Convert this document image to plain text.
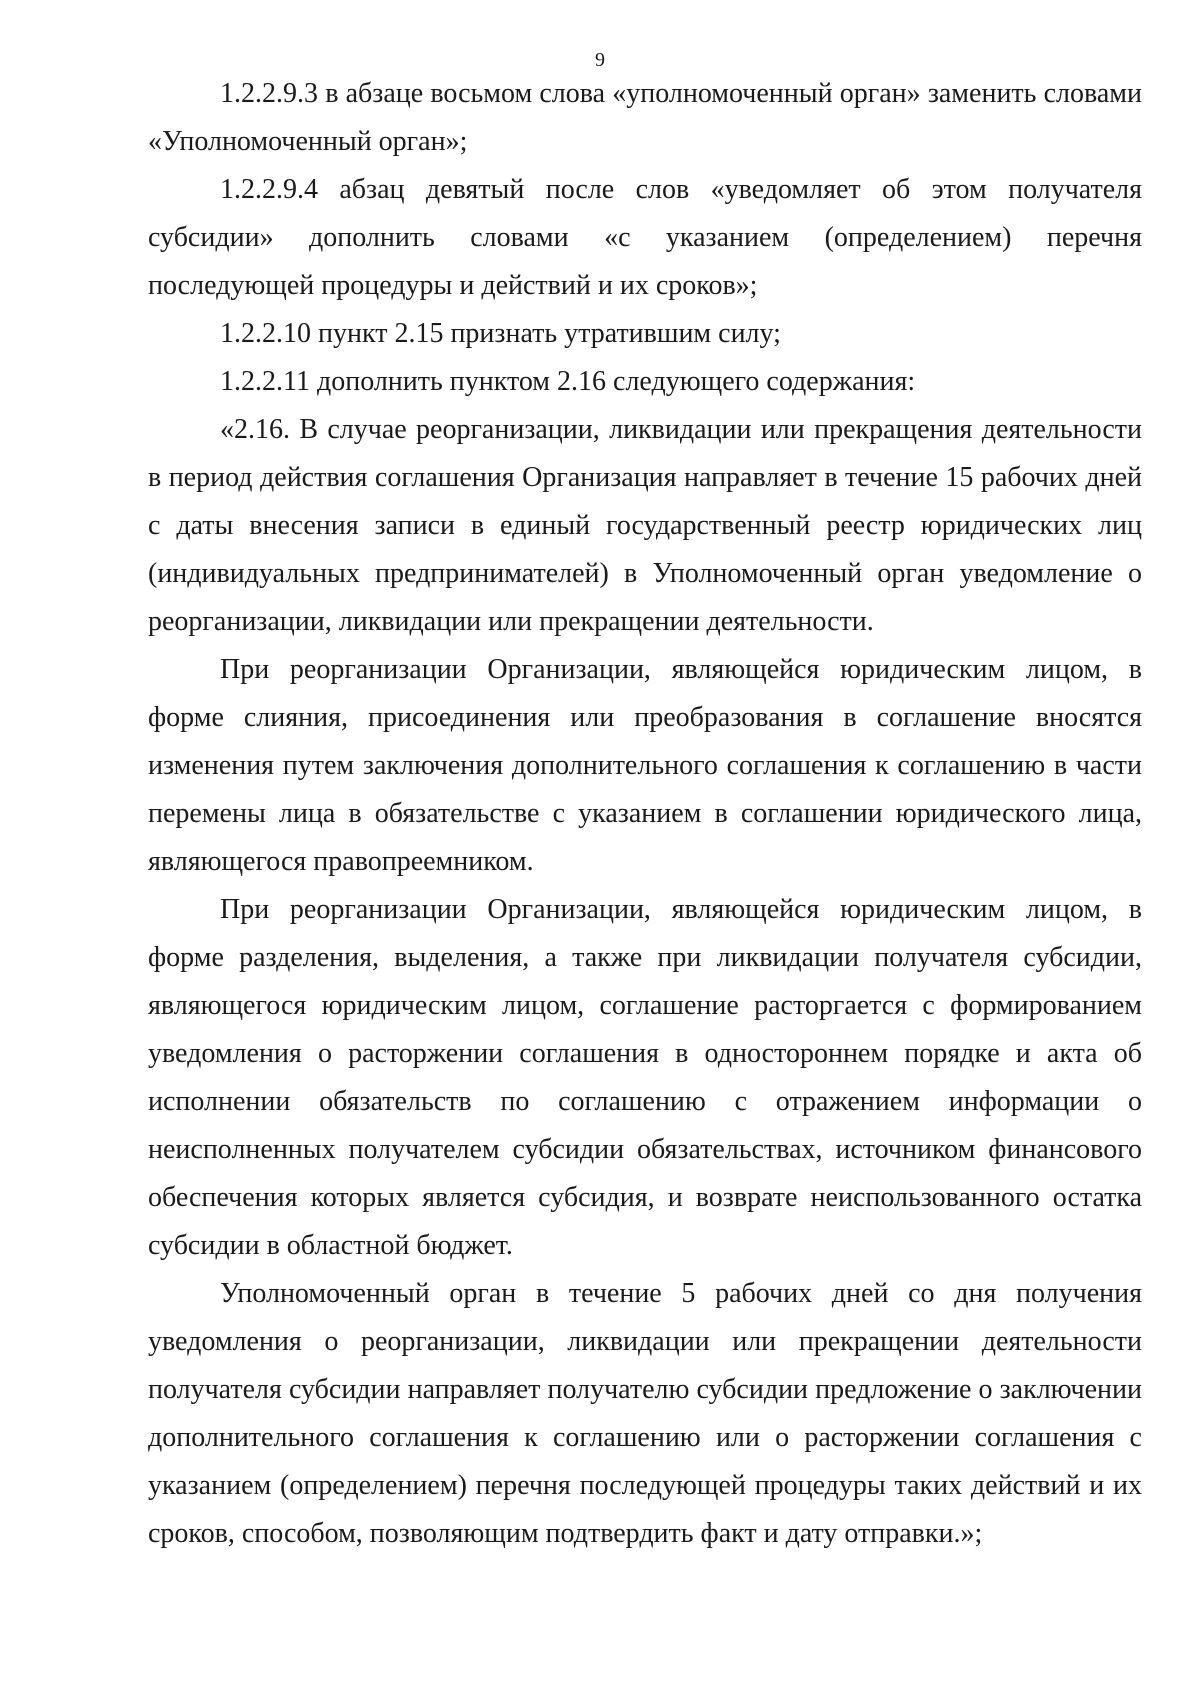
9

1.2.2.9.3 в абзаце восьмом слова «уполномоченный орган» заменить словами «Уполномоченный орган»;

1.2.2.9.4 абзац девятый после слов «уведомляет об этом получателя субсидии» дополнить словами «с указанием (определением) перечня последующей процедуры и действий и их сроков»;

1.2.2.10 пункт 2.15 признать утратившим силу;

1.2.2.11 дополнить пунктом 2.16 следующего содержания:

«2.16. В случае реорганизации, ликвидации или прекращения деятельности в период действия соглашения Организация направляет в течение 15 рабочих дней с даты внесения записи в единый государственный реестр юридических лиц (индивидуальных предпринимателей) в Уполномоченный орган уведомление о реорганизации, ликвидации или прекращении деятельности.

При реорганизации Организации, являющейся юридическим лицом, в форме слияния, присоединения или преобразования в соглашение вносятся изменения путем заключения дополнительного соглашения к соглашению в части перемены лица в обязательстве с указанием в соглашении юридического лица, являющегося правопреемником.

При реорганизации Организации, являющейся юридическим лицом, в форме разделения, выделения, а также при ликвидации получателя субсидии, являющегося юридическим лицом, соглашение расторгается с формированием уведомления о расторжении соглашения в одностороннем порядке и акта об исполнении обязательств по соглашению с отражением информации о неисполненных получателем субсидии обязательствах, источником финансового обеспечения которых является субсидия, и возврате неиспользованного остатка субсидии в областной бюджет.

Уполномоченный орган в течение 5 рабочих дней со дня получения уведомления о реорганизации, ликвидации или прекращении деятельности получателя субсидии направляет получателю субсидии предложение о заключении дополнительного соглашения к соглашению или о расторжении соглашения с указанием (определением) перечня последующей процедуры таких действий и их сроков, способом, позволяющим подтвердить факт и дату отправки.»;
